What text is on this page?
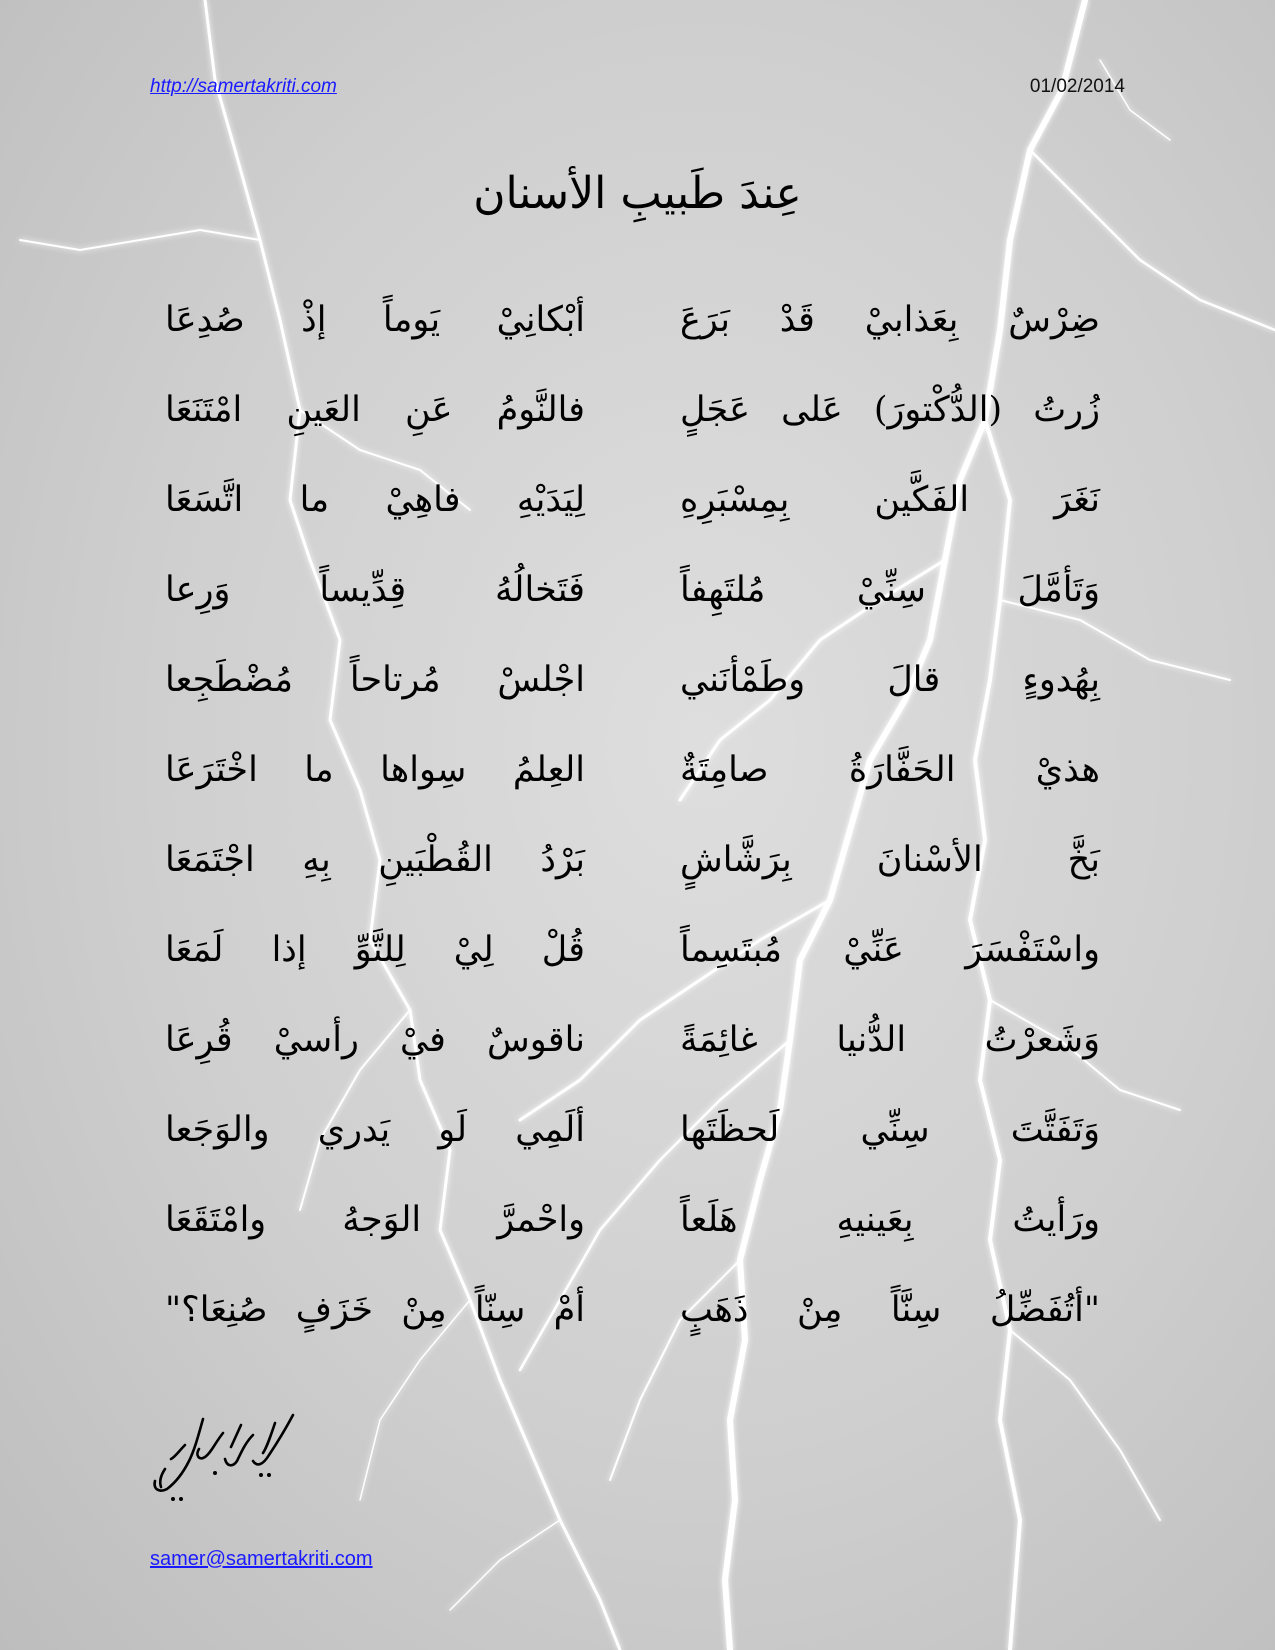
http://samertakriti.com	01/02/2014
عِندَ طَبيبِ الأسنان
ضِرْسٌ
بِعَذابيْ
قَدْ
بَرَعَ
أبْكانِيْ
يَوماً
إذْ
صُدِعَا
زُرتُ
(الدُّكْتورَ)
عَلى
عَجَلٍ
فالنَّومُ
عَنِ
العَينِ
امْتَنَعَا
نَغَرَ
الفَكَّين
بِمِسْبَرِهِ
لِيَدَيْهِ
فاهِيْ
ما
اتَّسَعَا
وَتَأمَّلَ
سِنِّيْ
مُلتَهِفاً
فَتَخالُهُ
قِدِّيساً
وَرِعا
بِهُدوءٍ
قالَ
وطَمْأنَني
اجْلسْ
مُرتاحاً
مُضْطَجِعا
هذيْ
الحَفَّارَةُ
صامِتَةٌ
العِلمُ
سِواها
ما
اخْتَرَعَا
بَخَّ
الأسْنانَ
بِرَشَّاشٍ
بَرْدُ
القُطْبَينِ
بِهِ
اجْتَمَعَا
واسْتَفْسَرَ
عَنِّيْ
مُبتَسِماً
قُلْ
لِيْ
لِلتَّوِّ
إذا
لَمَعَا
وَشَعرْتُ
الدُّنيا
غائِمَةً
ناقوسٌ
فيْ
رأسيْ
قُرِعَا
وَتَفَتَّتَ
سِنِّي
لَحظَتَها
ألَمِي
لَو
يَدري
والوَجَعا
ورَأيتُ
بِعَينيهِ
هَلَعاً
واحْمرَّ
الوَجهُ
وامْتَقَعَا
"أتُفَضِّلُ
سِنَّاً
مِنْ
ذَهَبٍ
أمْ
سِنّاً
مِنْ
خَزَفٍ
صُنِعَا؟"
samer@samertakriti.com
